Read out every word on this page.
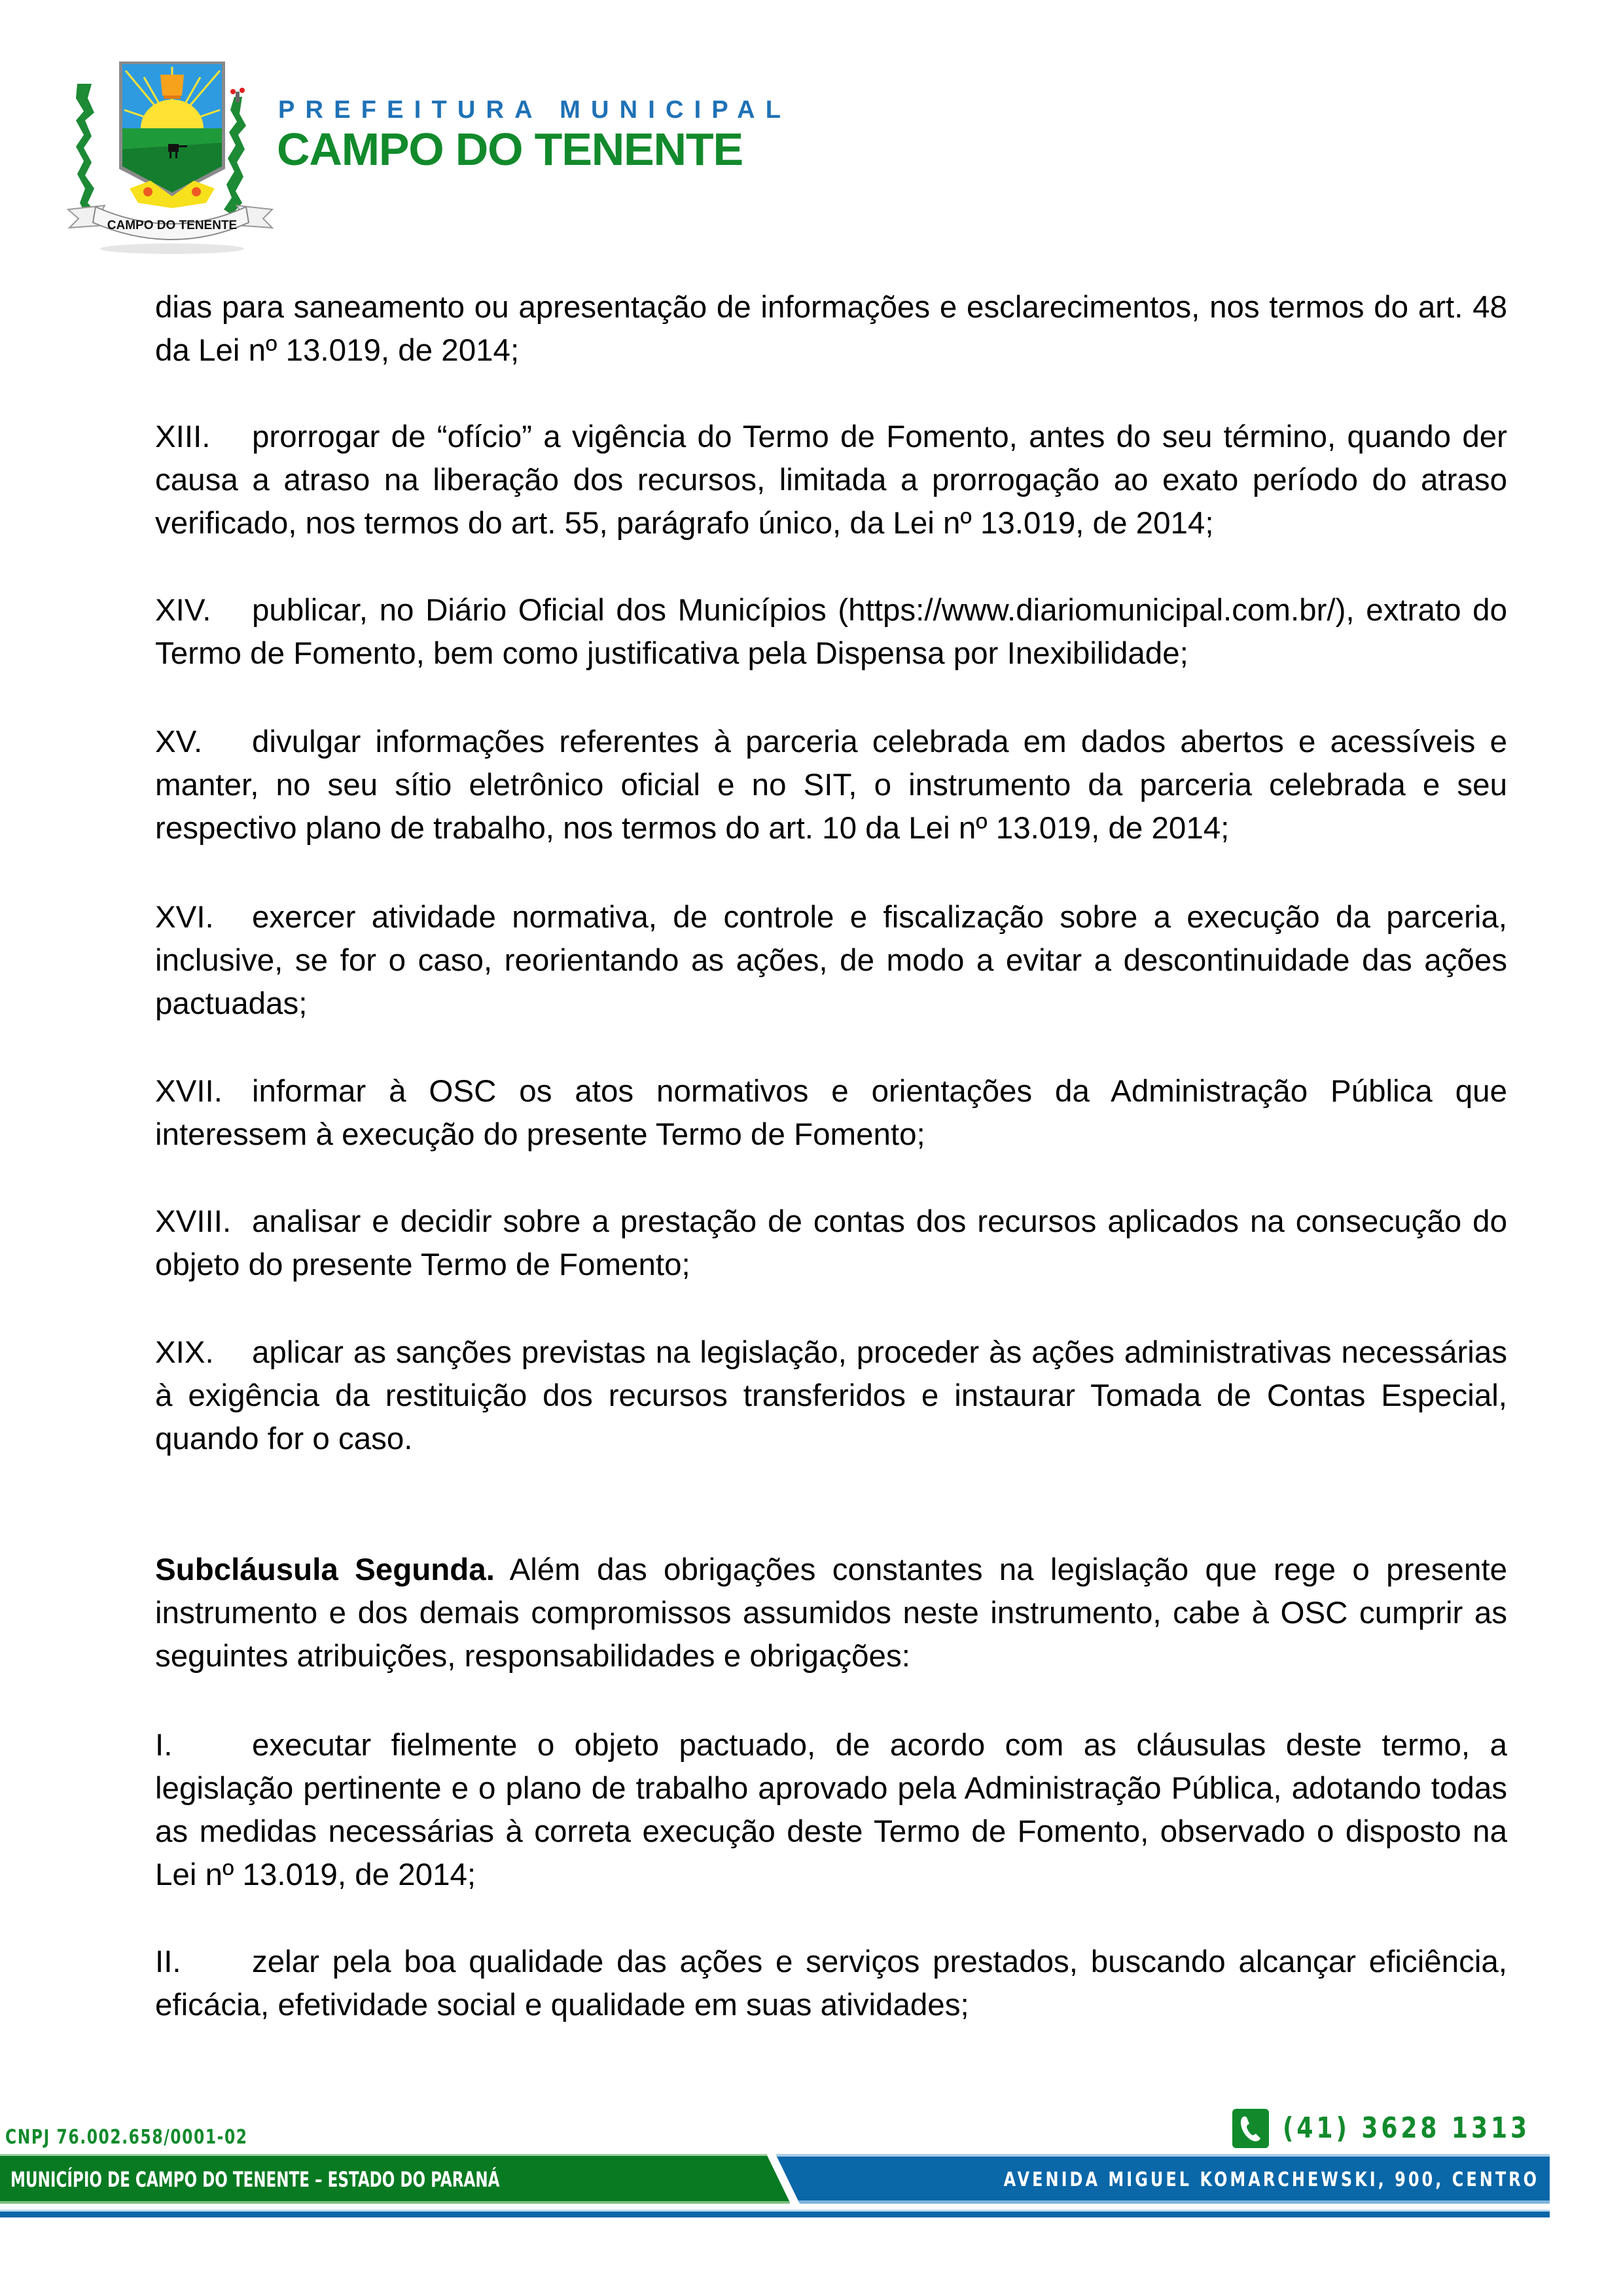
CAMPO DO TENENTE
PREFEITURA MUNICIPAL
CAMPO DO TENENTE

dias para saneamento ou apresentação de informações e esclarecimentos, nos termos do art. 48 da Lei nº 13.019, de 2014;

XIII. prorrogar de “ofício” a vigência do Termo de Fomento, antes do seu término, quando der causa a atraso na liberação dos recursos, limitada a prorrogação ao exato período do atraso verificado, nos termos do art. 55, parágrafo único, da Lei nº 13.019, de 2014;

XIV. publicar, no Diário Oficial dos Municípios (https://www.diariomunicipal.com.br/), extrato do Termo de Fomento, bem como justificativa pela Dispensa por Inexibilidade;

XV. divulgar informações referentes à parceria celebrada em dados abertos e acessíveis e manter, no seu sítio eletrônico oficial e no SIT, o instrumento da parceria celebrada e seu respectivo plano de trabalho, nos termos do art. 10 da Lei nº 13.019, de 2014;

XVI. exercer atividade normativa, de controle e fiscalização sobre a execução da parceria, inclusive, se for o caso, reorientando as ações, de modo a evitar a descontinuidade das ações pactuadas;

XVII. informar à OSC os atos normativos e orientações da Administração Pública que interessem à execução do presente Termo de Fomento;

XVIII. analisar e decidir sobre a prestação de contas dos recursos aplicados na consecução do objeto do presente Termo de Fomento;

XIX. aplicar as sanções previstas na legislação, proceder às ações administrativas necessárias à exigência da restituição dos recursos transferidos e instaurar Tomada de Contas Especial, quando for o caso.

Subcláusula Segunda. Além das obrigações constantes na legislação que rege o presente instrumento e dos demais compromissos assumidos neste instrumento, cabe à OSC cumprir as seguintes atribuições, responsabilidades e obrigações:

I.	executar fielmente o objeto pactuado, de acordo com as cláusulas deste termo, a legislação pertinente e o plano de trabalho aprovado pela Administração Pública, adotando todas as medidas necessárias à correta execução deste Termo de Fomento, observado o disposto na Lei nº 13.019, de 2014;

II. zelar pela boa qualidade das ações e serviços prestados, buscando alcançar eficiência, eficácia, efetividade social e qualidade em suas atividades;

CNPJ 76.002.658/0001-02	(41) 3628 1313
MUNICÍPIO DE CAMPO DO TENENTE – ESTADO DO PARANÁ	AVENIDA MIGUEL KOMARCHEWSKI, 900, CENTRO
